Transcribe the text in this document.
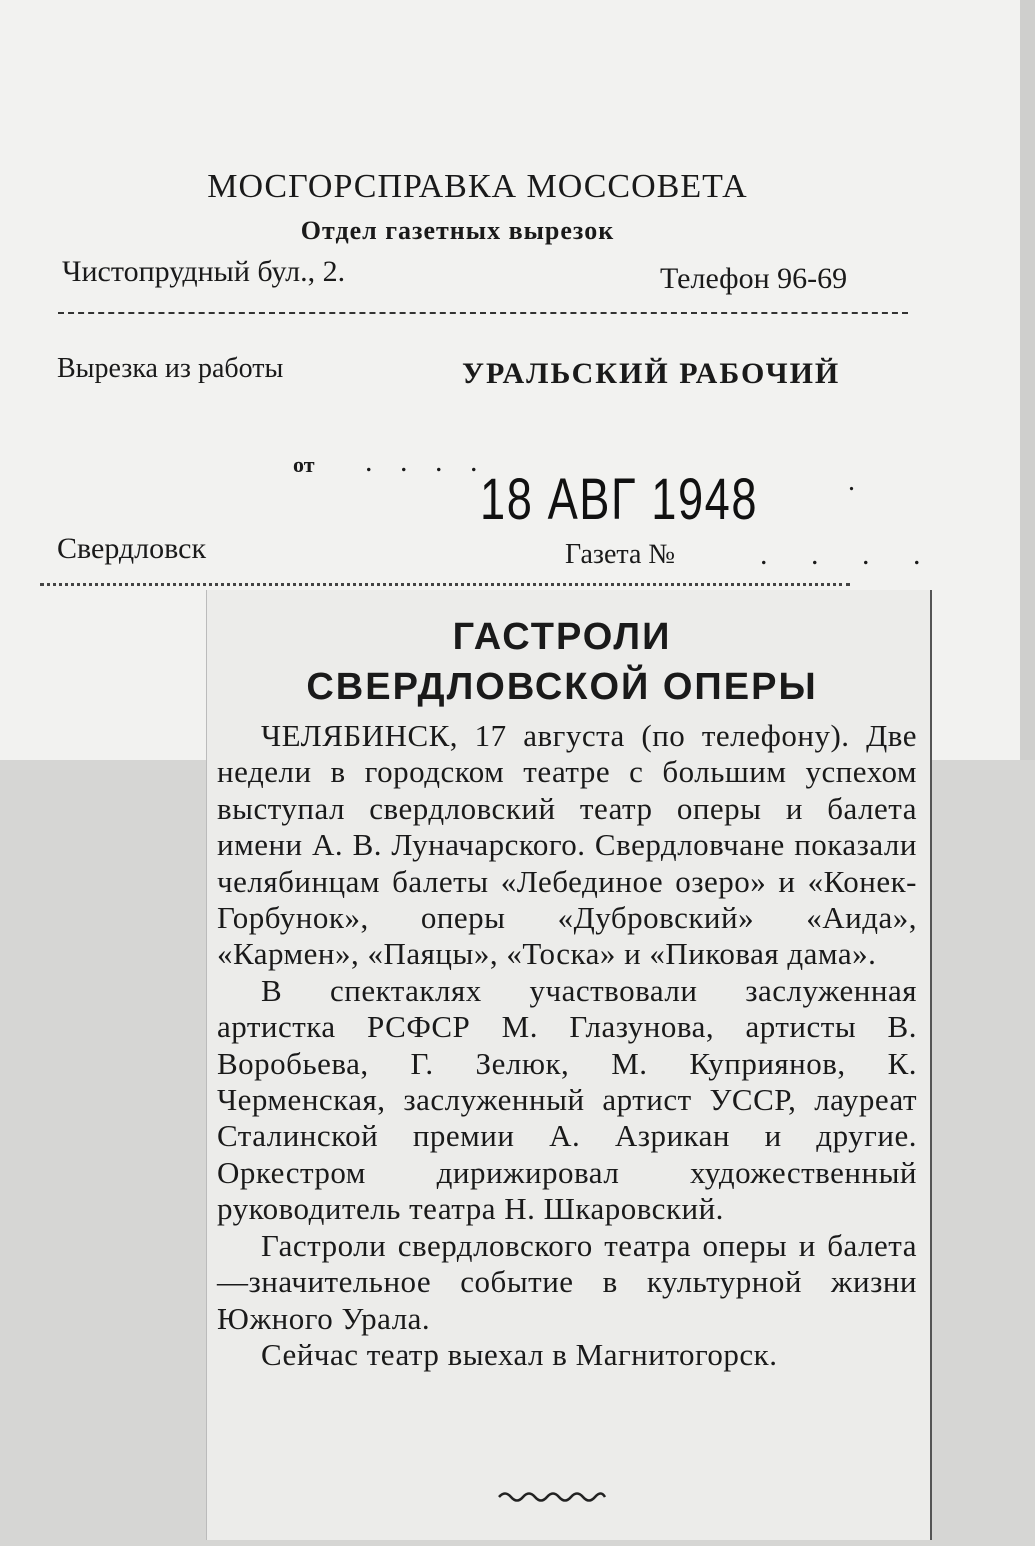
МОСГОРСПРАВКА МОССОВЕТА
Отдел газетных вырезок
Чистопрудный бул., 2.	Телефон 96-69
Вырезка из работы	УРАЛЬСКИЙ РАБОЧИЙ
от . . . .
18 АВГ 1948	.
Свердловск	Газета №	. . . .
ГАСТРОЛИ
СВЕРДЛОВСКОЙ ОПЕРЫ

ЧЕЛЯБИНСК, 17 августа (по телефону). Две недели в городском театре с большим успехом выступал свердловский театр оперы и балета имени А. В. Луначарского. Свердловчане показали челябинцам балеты «Лебединое озеро» и «Конек-Горбунок», оперы «Дубровский» «Аида», «Кармен», «Паяцы», «Тоска» и «Пиковая дама».

В спектаклях участвовали заслуженная артистка РСФСР М. Глазунова, артисты В. Воробьева, Г. Зелюк, М. Куприянов, К. Черменская, заслуженный артист УССР, лауреат Сталинской премии А. Азрикан и другие. Оркестром дирижировал художественный руководитель театра Н. Шкаровский.

Гастроли свердловского театра оперы и балета—значительное событие в культурной жизни Южного Урала.

Сейчас театр выехал в Магнитогорск.
